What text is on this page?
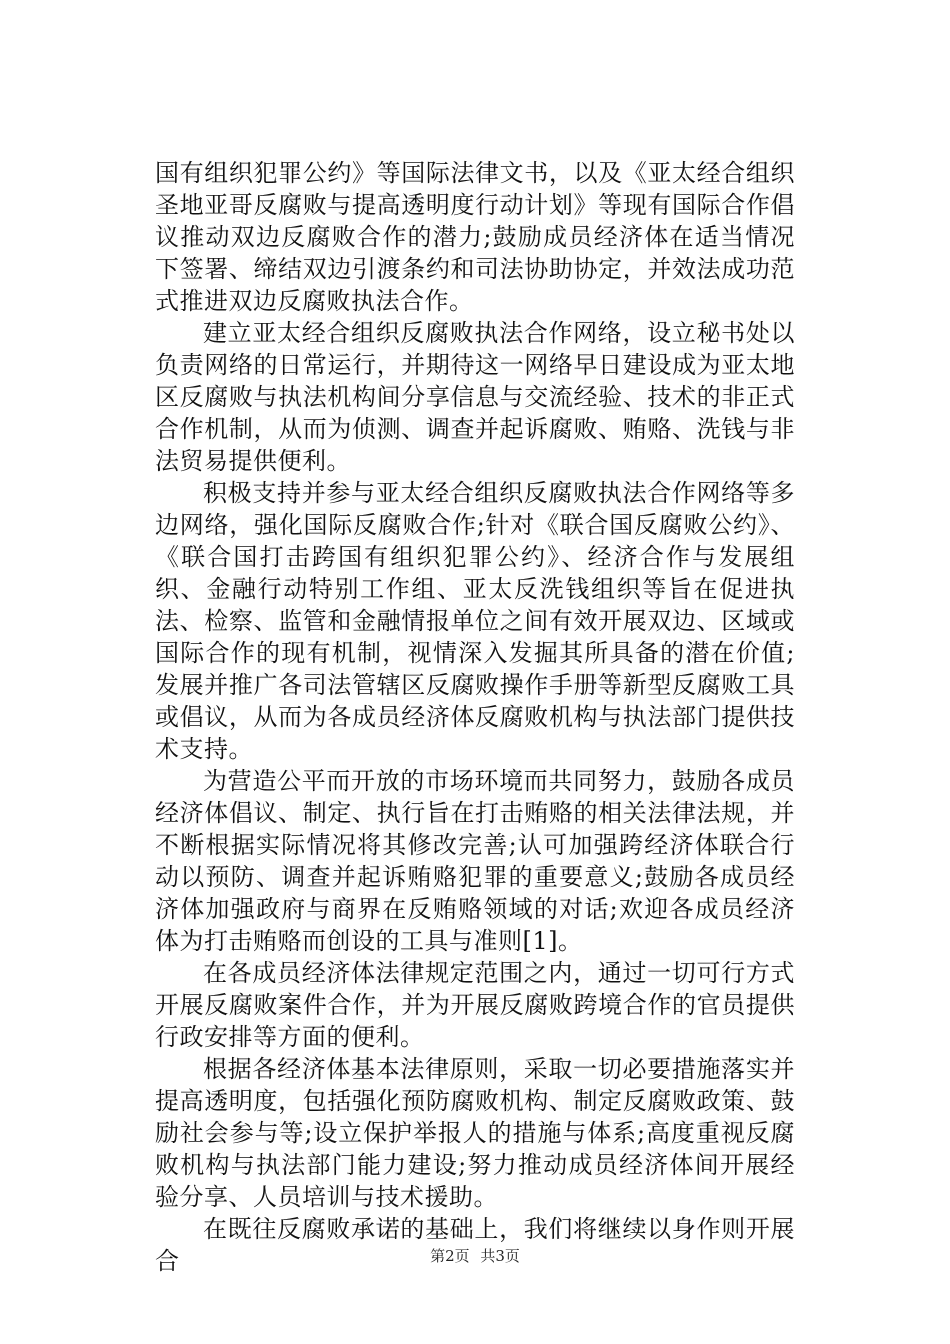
国有组织犯罪公约》等国际法律文书，以及《亚太经合组织圣地亚哥反腐败与提高透明度行动计划》等现有国际合作倡议推动双边反腐败合作的潜力;鼓励成员经济体在适当情况下签署、缔结双边引渡条约和司法协助协定，并效法成功范式推进双边反腐败执法合作。

建立亚太经合组织反腐败执法合作网络，设立秘书处以负责网络的日常运行，并期待这一网络早日建设成为亚太地区反腐败与执法机构间分享信息与交流经验、技术的非正式合作机制，从而为侦测、调查并起诉腐败、贿赂、洗钱与非法贸易提供便利。

积极支持并参与亚太经合组织反腐败执法合作网络等多边网络，强化国际反腐败合作;针对《联合国反腐败公约》、《联合国打击跨国有组织犯罪公约》、经济合作与发展组织、金融行动特别工作组、亚太反洗钱组织等旨在促进执法、检察、监管和金融情报单位之间有效开展双边、区域或国际合作的现有机制，视情深入发掘其所具备的潜在价值;发展并推广各司法管辖区反腐败操作手册等新型反腐败工具或倡议，从而为各成员经济体反腐败机构与执法部门提供技术支持。

为营造公平而开放的市场环境而共同努力，鼓励各成员经济体倡议、制定、执行旨在打击贿赂的相关法律法规，并不断根据实际情况将其修改完善;认可加强跨经济体联合行动以预防、调查并起诉贿赂犯罪的重要意义;鼓励各成员经济体加强政府与商界在反贿赂领域的对话;欢迎各成员经济体为打击贿赂而创设的工具与准则[1]。

在各成员经济体法律规定范围之内，通过一切可行方式开展反腐败案件合作，并为开展反腐败跨境合作的官员提供行政安排等方面的便利。

根据各经济体基本法律原则，采取一切必要措施落实并提高透明度，包括强化预防腐败机构、制定反腐败政策、鼓励社会参与等;设立保护举报人的措施与体系;高度重视反腐败机构与执法部门能力建设;努力推动成员经济体间开展经验分享、人员培训与技术援助。

在既往反腐败承诺的基础上，我们将继续以身作则开展合	第2页 共3页
